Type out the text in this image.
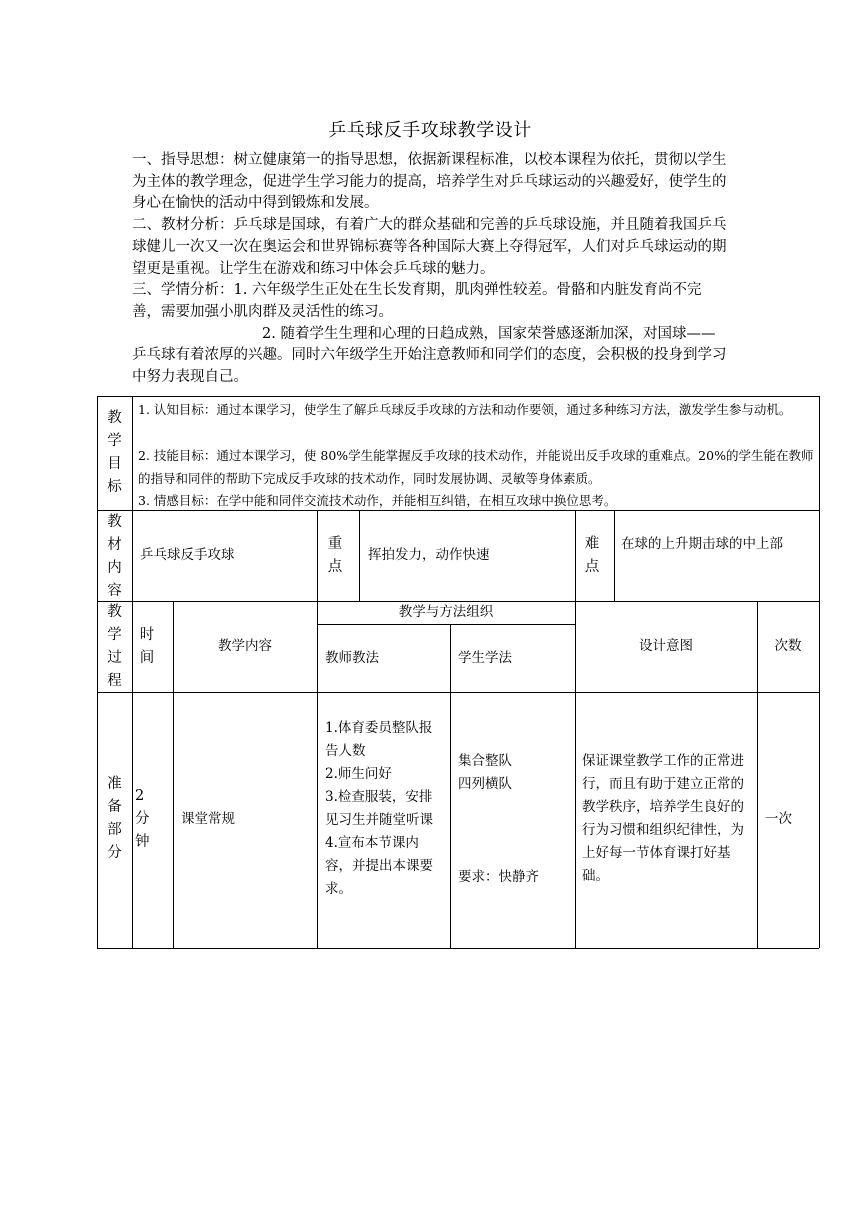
乒乓球反手攻球教学设计

一、指导思想：树立健康第一的指导思想，依据新课程标准，以校本课程为依托，贯彻以学生为主体的教学理念，促进学生学习能力的提高，培养学生对乒乓球运动的兴趣爱好，使学生的身心在愉快的活动中得到锻炼和发展。

二、教材分析：乒乓球是国球，有着广大的群众基础和完善的乒乓球设施，并且随着我国乒乓球健儿一次又一次在奥运会和世界锦标赛等各种国际大赛上夺得冠军，人们对乒乓球运动的期望更是重视。让学生在游戏和练习中体会乒乓球的魅力。

三、学情分析：1. 六年级学生正处在生长发育期，肌肉弹性较差。骨骼和内脏发育尚不完善，需要加强小肌肉群及灵活性的练习。

2. 随着学生生理和心理的日趋成熟，国家荣誉感逐渐加深，对国球——

乒乓球有着浓厚的兴趣。同时六年级学生开始注意教师和同学们的态度，会积极的投身到学习中努力表现自己。

教
学
目
标
1. 认知目标：通过本课学习，使学生了解乒乓球反手攻球的方法和动作要领，通过多种练习方法，激发学生参与动机。
2. 技能目标：通过本课学习，使 80%学生能掌握反手攻球的技术动作，并能说出反手攻球的重难点。20%的学生能在教师的指导和同伴的帮助下完成反手攻球的技术动作，同时发展协调、灵敏等身体素质。
3. 情感目标：在学中能和同伴交流技术动作，并能相互纠错，在相互攻球中换位思考。
教
材
内
容
乒乓球反手攻球
重
点
挥拍发力，动作快速
难
点
在球的上升期击球的中上部
教
学
过
程
时
间
教学内容
教学与方法组织
教师教法	学生学法
设计意图	次数
准
备
部
分
2
分
钟
课堂常规
1.体育委员整队报告人数
2.师生问好
3.检查服装，安排见习生并随堂听课
4.宣布本节课内容，并提出本课要求。
集合整队
四列横队
要求：快静齐
保证课堂教学工作的正常进行，而且有助于建立正常的教学秩序，培养学生良好的行为习惯和组织纪律性，为上好每一节体育课打好基础。
一次
